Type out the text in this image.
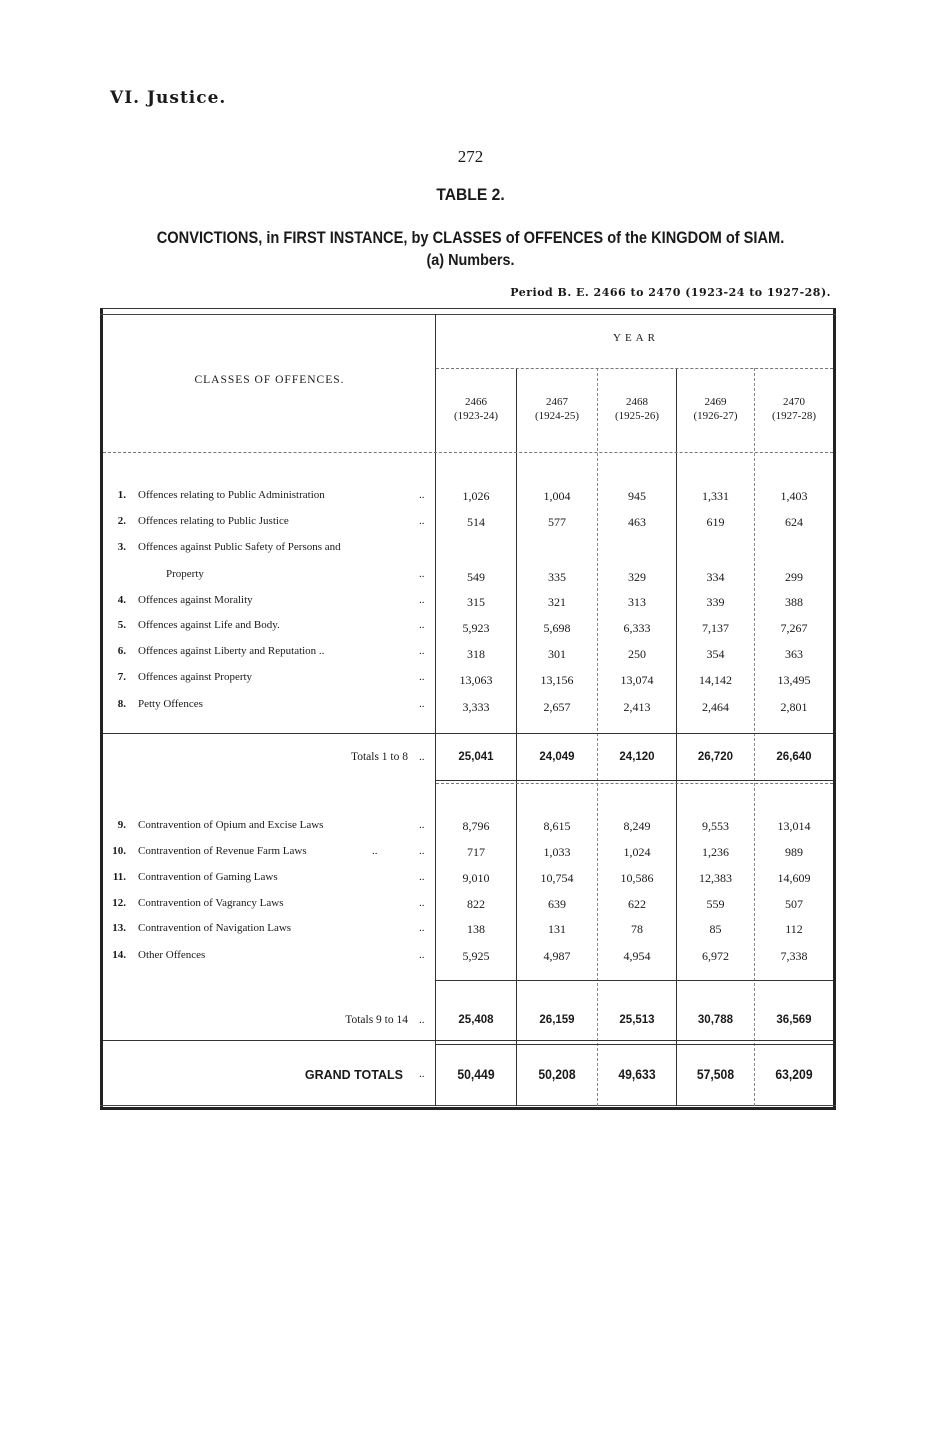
VI. Justice.
272
TABLE 2.
CONVICTIONS, in FIRST INSTANCE, by CLASSES of OFFENCES of the KINGDOM of SIAM.
(a) Numbers.
Period B. E. 2466 to 2470 (1923-24 to 1927-28).
YEAR
CLASSES OF OFFENCES.
2466
(1923-24)
2467
(1924-25)
2468
(1925-26)
2469
(1926-27)
2470
(1927-28)
1. Offences relating to Public Administration	..	1,026	1,004	945	1,331	1,403
2. Offences relating to Public Justice	..	514	577	463	619	624
3. Offences against Public Safety of Persons and
Property	..	549	335	329	334	299
4. Offences against Morality	..	315	321	313	339	388
5. Offences against Life and Body.	..	5,923	5,698	6,333	7,137	7,267
6. Offences against Liberty and Reputation ..	..	318	301	250	354	363
7. Offences against Property	..	13,063	13,156	13,074	14,142	13,495
8. Petty Offences	..	3,333	2,657	2,413	2,464	2,801
Totals 1 to 8 ..	25,041	24,049	24,120	26,720	26,640
9. Contravention of Opium and Excise Laws	..	8,796	8,615	8,249	9,553	13,014
10. Contravention of Revenue Farm Laws	..	..	717	1,033	1,024	1,236	989
11. Contravention of Gaming Laws	..	9,010	10,754	10,586	12,383	14,609
12. Contravention of Vagrancy Laws	..	822	639	622	559	507
13. Contravention of Navigation Laws	..	138	131	78	85	112
14. Other Offences	..	5,925	4,987	4,954	6,972	7,338
Totals 9 to 14 ..	25,408	26,159	25,513	30,788	36,569
GRAND TOTALS ..	50,449	50,208	49,633	57,508	63,209
